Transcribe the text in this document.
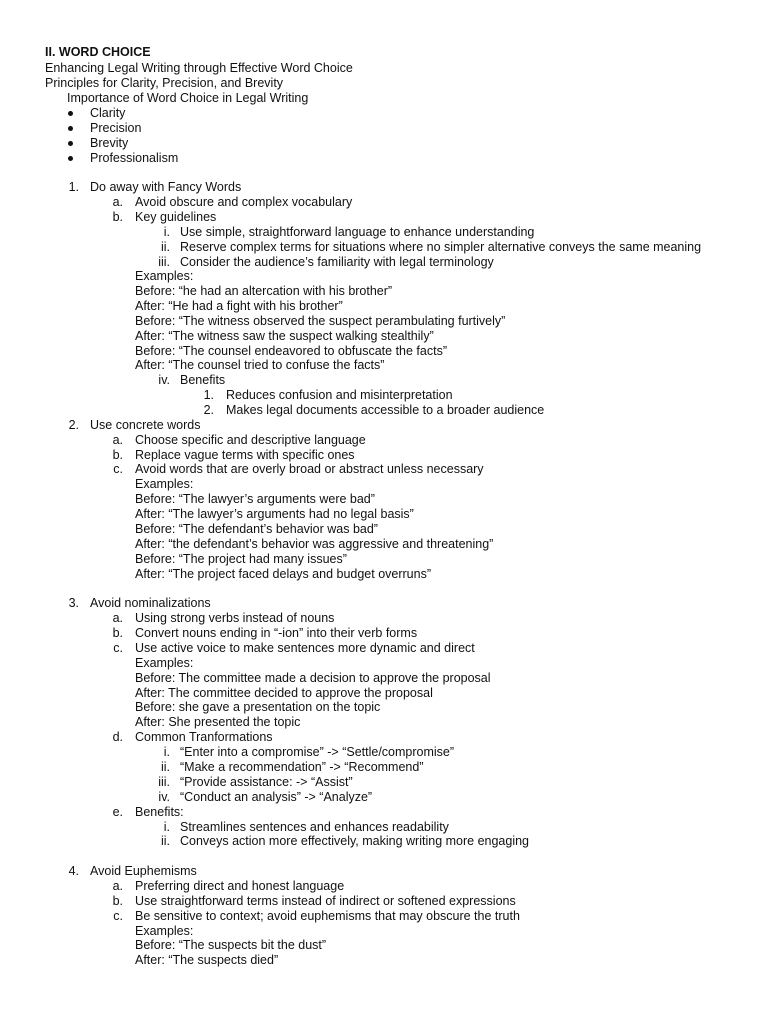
II. WORD CHOICE
Enhancing Legal Writing through Effective Word Choice
Principles for Clarity, Precision, and Brevity
Importance of Word Choice in Legal Writing
Clarity
Precision
Brevity
Professionalism
1. Do away with Fancy Words
a. Avoid obscure and complex vocabulary
b. Key guidelines
i. Use simple, straightforward language to enhance understanding
ii. Reserve complex terms for situations where no simpler alternative conveys the same meaning
iii. Consider the audience’s familiarity with legal terminology
Examples:
Before: “he had an altercation with his brother”
After: “He had a fight with his brother”
Before: “The witness observed the suspect perambulating furtively”
After: “The witness saw the suspect walking stealthily”
Before: “The counsel endeavored to obfuscate the facts”
After: “The counsel tried to confuse the facts”
iv. Benefits
1. Reduces confusion and misinterpretation
2. Makes legal documents accessible to a broader audience
2. Use concrete words
a. Choose specific and descriptive language
b. Replace vague terms with specific ones
c. Avoid words that are overly broad or abstract unless necessary
Examples:
Before: “The lawyer’s arguments were bad”
After: “The lawyer’s arguments had no legal basis”
Before: “The defendant’s behavior was bad”
After: “the defendant’s behavior was aggressive and threatening”
Before: “The project had many issues”
After: “The project faced delays and budget overruns”
3. Avoid nominalizations
a. Using strong verbs instead of nouns
b. Convert nouns ending in “-ion” into their verb forms
c. Use active voice to make sentences more dynamic and direct
Examples:
Before: The committee made a decision to approve the proposal
After: The committee decided to approve the proposal
Before: she gave a presentation on the topic
After: She presented the topic
d. Common Tranformations
i. “Enter into a compromise” -> “Settle/compromise”
ii. “Make a recommendation” -> “Recommend”
iii. “Provide assistance: -> “Assist”
iv. “Conduct an analysis” -> “Analyze”
e. Benefits:
i. Streamlines sentences and enhances readability
ii. Conveys action more effectively, making writing more engaging
4. Avoid Euphemisms
a. Preferring direct and honest language
b. Use straightforward terms instead of indirect or softened expressions
c. Be sensitive to context; avoid euphemisms that may obscure the truth
Examples:
Before: “The suspects bit the dust”
After: “The suspects died”
